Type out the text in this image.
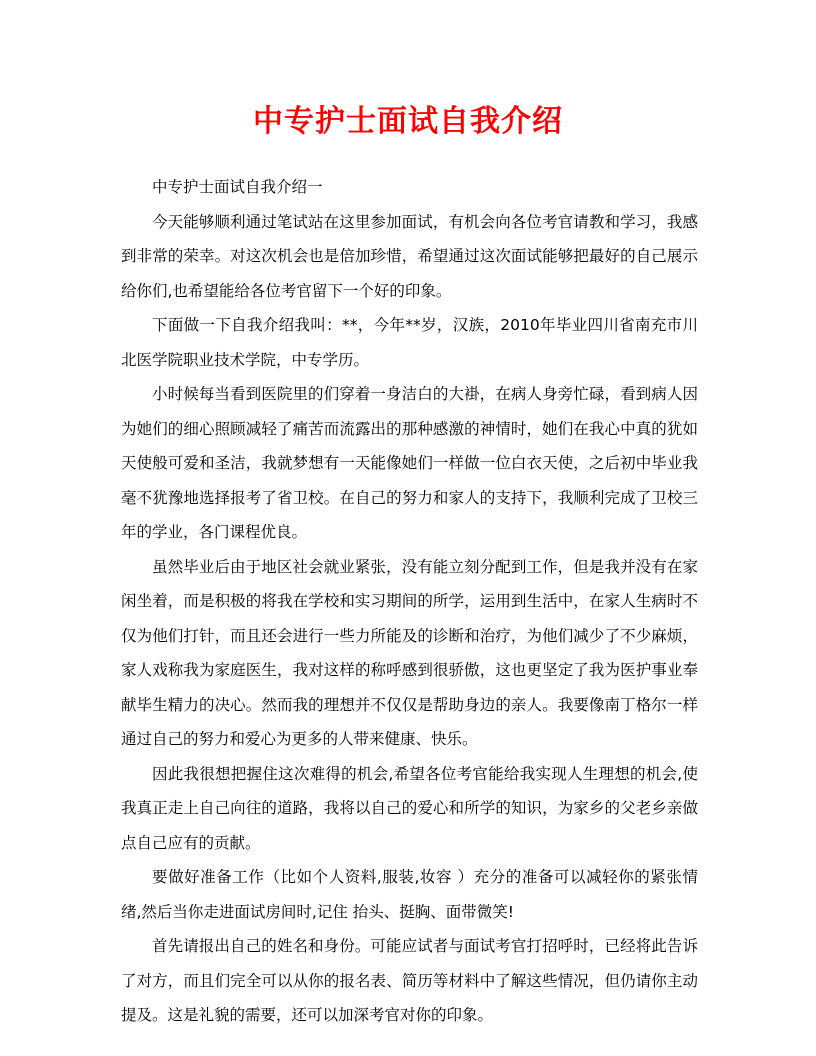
中专护士面试自我介绍

中专护士面试自我介绍一

今天能够顺利通过笔试站在这里参加面试，有机会向各位考官请教和学习，我感到非常的荣幸。对这次机会也是倍加珍惜，希望通过这次面试能够把最好的自己展示给你们,也希望能给各位考官留下一个好的印象。

下面做一下自我介绍我叫：**，今年**岁，汉族，2010年毕业四川省南充市川北医学院职业技术学院，中专学历。

小时候每当看到医院里的们穿着一身洁白的大褂，在病人身旁忙碌，看到病人因为她们的细心照顾减轻了痛苦而流露出的那种感激的神情时，她们在我心中真的犹如天使般可爱和圣洁，我就梦想有一天能像她们一样做一位白衣天使，之后初中毕业我毫不犹豫地选择报考了省卫校。在自己的努力和家人的支持下，我顺利完成了卫校三年的学业，各门课程优良。

虽然毕业后由于地区社会就业紧张，没有能立刻分配到工作，但是我并没有在家闲坐着，而是积极的将我在学校和实习期间的所学，运用到生活中，在家人生病时不仅为他们打针，而且还会进行一些力所能及的诊断和治疗，为他们减少了不少麻烦，家人戏称我为家庭医生，我对这样的称呼感到很骄傲，这也更坚定了我为医护事业奉献毕生精力的决心。然而我的理想并不仅仅是帮助身边的亲人。我要像南丁格尔一样通过自己的努力和爱心为更多的人带来健康、快乐。

因此我很想把握住这次难得的机会,希望各位考官能给我实现人生理想的机会,使我真正走上自己向往的道路，我将以自己的爱心和所学的知识，为家乡的父老乡亲做点自己应有的贡献。

要做好准备工作（比如个人资料,服装,妆容 ）充分的准备可以减轻你的紧张情绪,然后当你走进面试房间时,记住 抬头、挺胸、面带微笑!

首先请报出自己的姓名和身份。可能应试者与面试考官打招呼时，已经将此告诉了对方，而且们完全可以从你的报名表、简历等材料中了解这些情况，但仍请你主动提及。这是礼貌的需要，还可以加深考官对你的印象。
